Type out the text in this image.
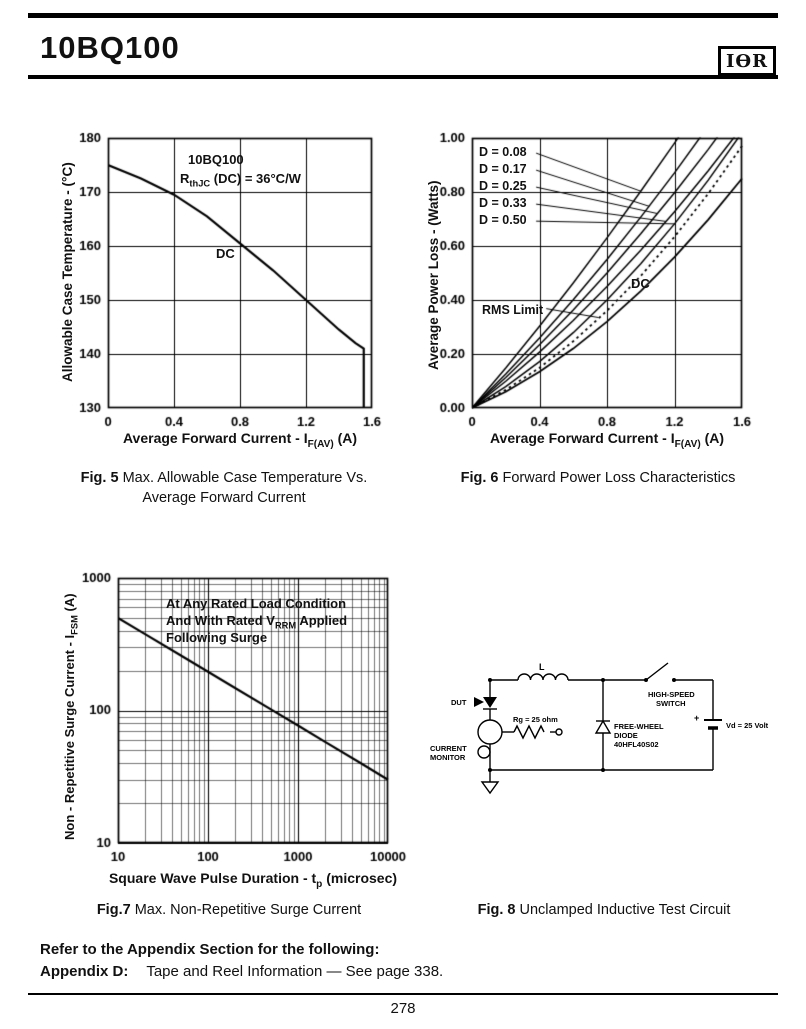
10BQ100	IƟR
Allowable Case Temperature - (°C)
10BQ100
$R_{thJC}$ (DC) = 36°C/W
DC
Average Forward Current - $I_{F(AV)}$ (A)
Fig. 5 Max. Allowable Case Temperature Vs.
Average Forward Current
Average Power Loss - (Watts)
D = 0.08
D = 0.17
D = 0.25
D = 0.33
D = 0.50
RMS Limit
DC
Average Forward Current - $I_{F(AV)}$ (A)
Fig. 6 Forward Power Loss Characteristics
Non - Repetitive Surge Current - $I_{FSM}$ (A)	At Any Rated Load Condition
And With Rated $V_{RRM}$ Applied
Following Surge
Square Wave Pulse Duration - $t_p$ (microsec)
Fig.7 Max. Non-Repetitive Surge Current
L
DUT
CURRENT
MONITOR
Rg = 25 ohm
HIGH-SPEED
SWITCH
FREE-WHEEL
DIODE
40HFL40S02
+
Vd = 25 Volt
Fig. 8 Unclamped Inductive Test Circuit
Refer to the Appendix Section for the following:
Appendix D: Tape and Reel Information — See page 338.
278
